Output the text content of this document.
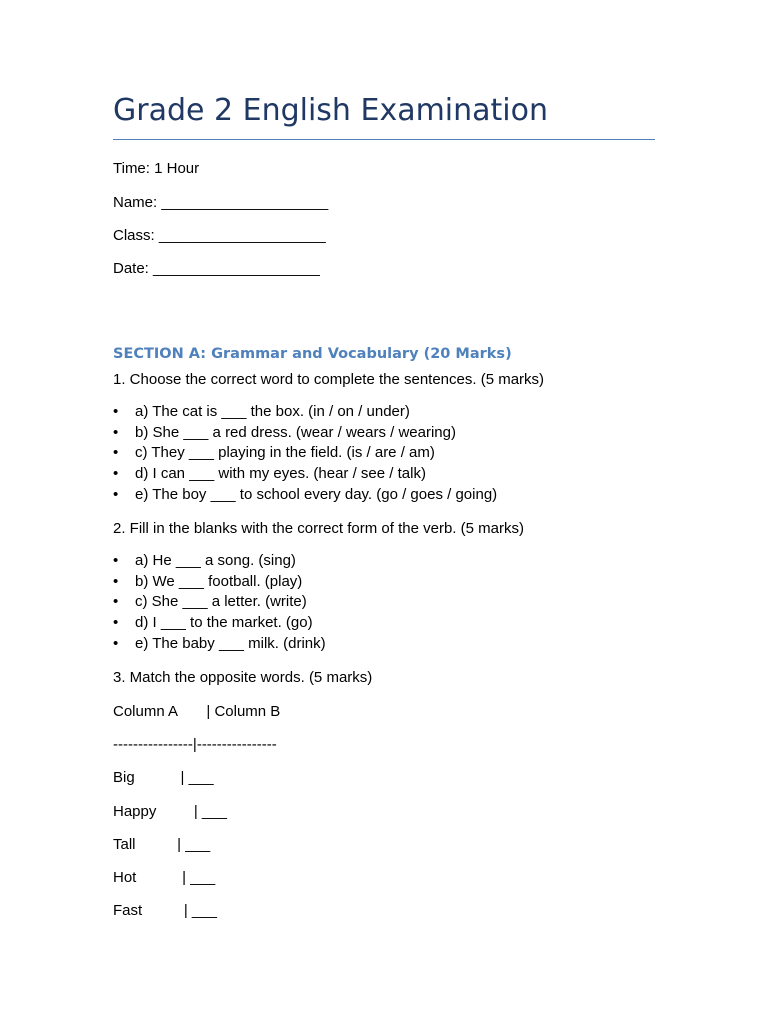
Grade 2 English Examination
Time: 1 Hour
Name: ____________________
Class: ____________________
Date: ____________________
SECTION A: Grammar and Vocabulary (20 Marks)
1. Choose the correct word to complete the sentences. (5 marks)
• a) The cat is ___ the box. (in / on / under)
• b) She ___ a red dress. (wear / wears / wearing)
• c) They ___ playing in the field. (is / are / am)
• d) I can ___ with my eyes. (hear / see / talk)
• e) The boy ___ to school every day. (go / goes / going)
2. Fill in the blanks with the correct form of the verb. (5 marks)
• a) He ___ a song. (sing)
• b) We ___ football. (play)
• c) She ___ a letter. (write)
• d) I ___ to the market. (go)
• e) The baby ___ milk. (drink)
3. Match the opposite words. (5 marks)
Column A       | Column B
----------------|----------------
Big           | ___
Happy         | ___
Tall          | ___
Hot           | ___
Fast          | ___
